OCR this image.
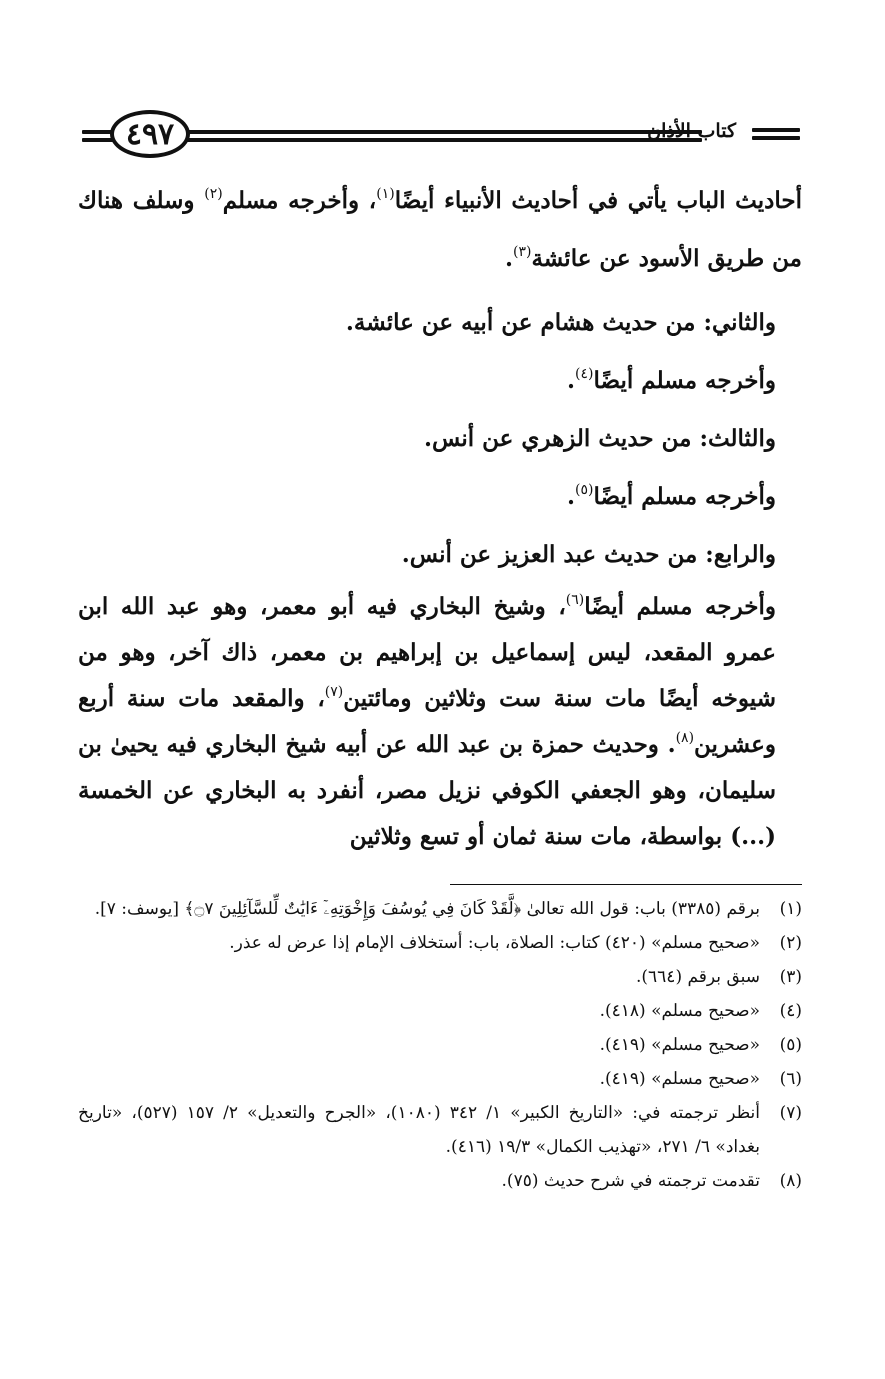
٤٩٧	كتاب الأذان

أحاديث الباب يأتي في أحاديث الأنبياء أيضًا$^{(١)}$، وأخرجه مسلم$^{(٢)}$ وسلف هناك من طريق الأسود عن عائشة$^{(٣)}$.

والثاني: من حديث هشام عن أبيه عن عائشة.

وأخرجه مسلم أيضًا$^{(٤)}$.

والثالث: من حديث الزهري عن أنس.

وأخرجه مسلم أيضًا$^{(٥)}$.

والرابع: من حديث عبد العزيز عن أنس.

وأخرجه مسلم أيضًا$^{(٦)}$، وشيخ البخاري فيه أبو معمر، وهو عبد الله ابن عمرو المقعد، ليس إسماعيل بن إبراهيم بن معمر، ذاك آخر، وهو من شيوخه أيضًا مات سنة ست وثلاثين ومائتين$^{(٧)}$، والمقعد مات سنة أربع وعشرين$^{(٨)}$. وحديث حمزة بن عبد الله عن أبيه شيخ البخاري فيه يحيىٰ بن سليمان، وهو الجعفي الكوفي نزيل مصر، أنفرد به البخاري عن الخمسة (...) بواسطة، مات سنة ثمان أو تسع وثلاثين

(١)
برقم (٣٣٨٥) باب: قول الله تعالىٰ ﴿لَّقَدْ كَانَ فِي يُوسُفَ وَإِخْوَتِهِۦٓ ءَايَٰتٌ لِّلسَّآئِلِينَ ۝٧﴾ [يوسف: ٧].
(٢)
«صحيح مسلم» (٤٢٠) كتاب: الصلاة، باب: أستخلاف الإمام إذا عرض له عذر.
(٣)
سبق برقم (٦٦٤).
(٤)
«صحيح مسلم» (٤١٨).
(٥)
«صحيح مسلم» (٤١٩).
(٦)
«صحيح مسلم» (٤١٩).
(٧)
أنظر ترجمته في: «التاريخ الكبير» ١/ ٣٤٢ (١٠٨٠)، «الجرح والتعديل» ٢/ ١٥٧ (٥٢٧)، «تاريخ بغداد» ٦/ ٢٧١، «تهذيب الكمال» ١٩/٣ (٤١٦).
(٨)
تقدمت ترجمته في شرح حديث (٧٥).
